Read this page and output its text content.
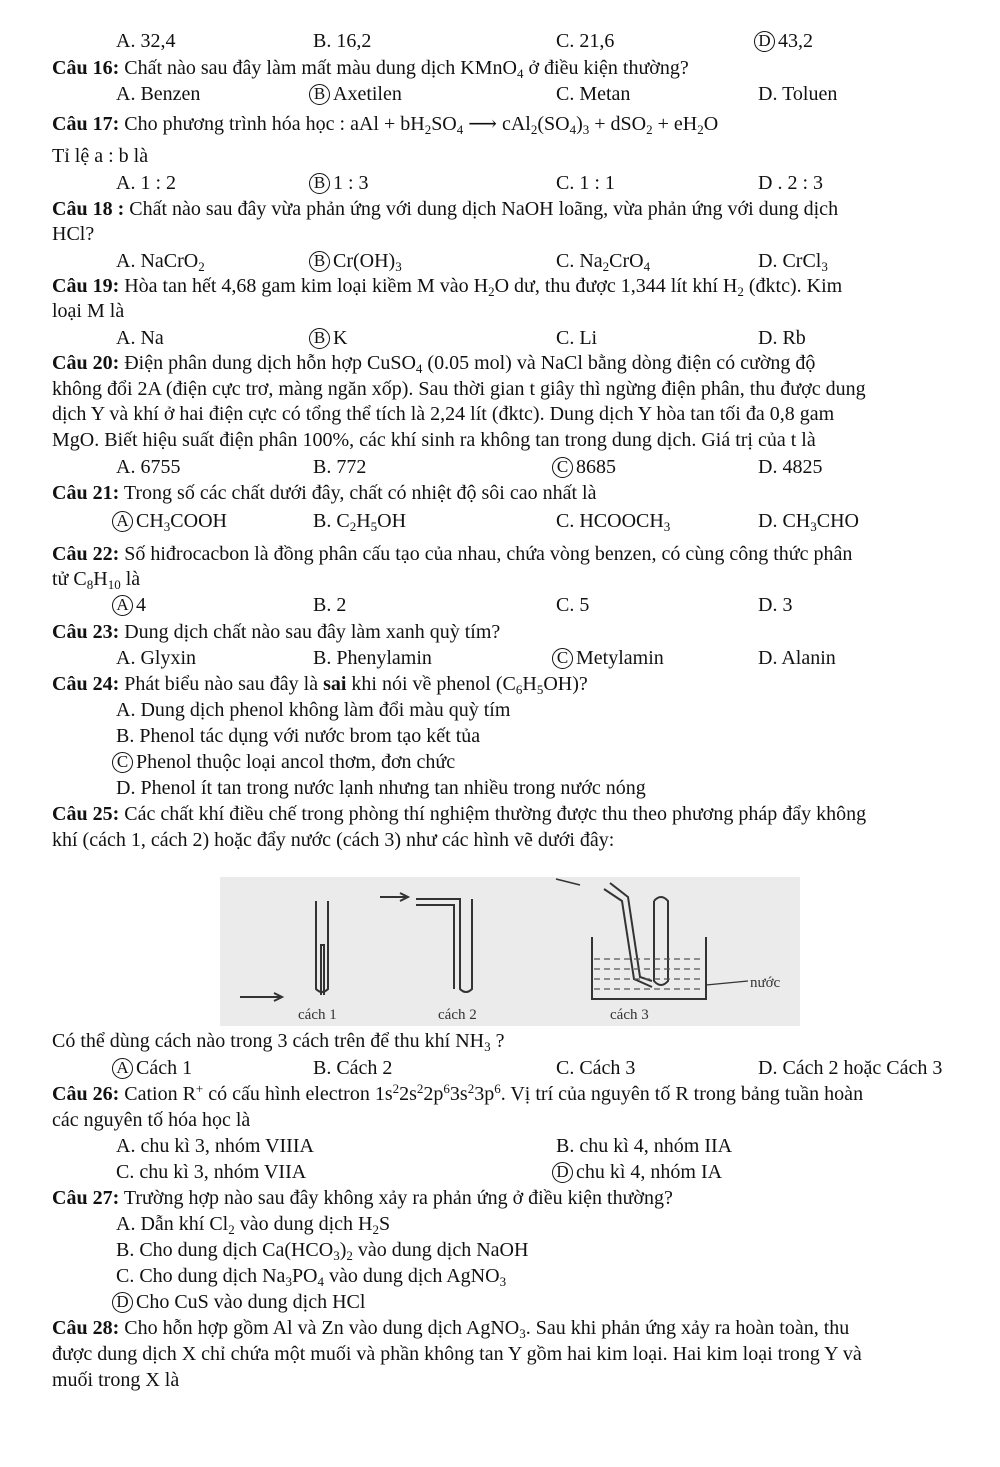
A. 32,4	B. 16,2	C. 21,6	D 43,2
Câu 16: Chất nào sau đây làm mất màu dung dịch KMnO$_4$ ở điều kiện thường?
A. Benzen	B Axetilen	C. Metan	D. Toluen
Câu 17: Cho phương trình hóa học : aAl + $bH_2SO_4$ ⟶ $cAl_2(SO_4)_3 + dSO_2 + eH_2O$
Tỉ lệ a : b là
A. 1 : 2	B 1 : 3	C. 1 : 1	D . 2 : 3
Câu 18 : Chất nào sau đây vừa phản ứng với dung dịch NaOH loãng, vừa phản ứng với dung dịch
HCl?
A. NaCrO$_2$	B $Cr(OH)_3$	C. $Na_2CrO_4$	D. CrCl$_3$
Câu 19: Hòa tan hết 4,68 gam kim loại kiềm M vào $H_2O$ dư, thu được 1,344 lít khí $H_2$ (đktc). Kim
loại M là
A. Na	B K	C. Li	D. Rb
Câu 20: Điện phân dung dịch hỗn hợp CuSO$_4$ (0.05 mol) và NaCl bằng dòng điện có cường độ
không đổi 2A (điện cực trơ, màng ngăn xốp). Sau thời gian t giây thì ngừng điện phân, thu được dung
dịch Y và khí ở hai điện cực có tổng thể tích là 2,24 lít (đktc). Dung dịch Y hòa tan tối đa 0,8 gam
MgO. Biết hiệu suất điện phân 100%, các khí sinh ra không tan trong dung dịch. Giá trị của t là
A. 6755	B. 772	C 8685	D. 4825
Câu 21: Trong số các chất dưới đây, chất có nhiệt độ sôi cao nhất là
A $CH_3COOH$	B. $C_2H_5OH$	C. $HCOOCH_3$	D. $CH_3CHO$
Câu 22: Số hiđrocacbon là đồng phân cấu tạo của nhau, chứa vòng benzen, có cùng công thức phân
tử $C_8H_{10}$ là
A 4	B. 2	C. 5	D. 3
Câu 23: Dung dịch chất nào sau đây làm xanh quỳ tím?
A. Glyxin	B. Phenylamin	C Metylamin	D. Alanin
Câu 24: Phát biểu nào sau đây là sai khi nói về phenol $(C_6H_5OH)$?
A. Dung dịch phenol không làm đổi màu quỳ tím
B. Phenol tác dụng với nước brom tạo kết tủa
C Phenol thuộc loại ancol thơm, đơn chức
D. Phenol ít tan trong nước lạnh nhưng tan nhiều trong nước nóng
Câu 25: Các chất khí điều chế trong phòng thí nghiệm thường được thu theo phương pháp đẩy không
khí (cách 1, cách 2) hoặc đẩy nước (cách 3) như các hình vẽ dưới đây:
cách 1	cách 2
nước
cách 3
Có thể dùng cách nào trong 3 cách trên để thu khí $NH_3$ ?
A Cách 1	B. Cách 2	C. Cách 3	D. Cách 2 hoặc Cách 3
Câu 26: Cation R+ có cấu hình electron $1s^22s^22p^63s^23p^6$. Vị trí của nguyên tố R trong bảng tuần hoàn
các nguyên tố hóa học là
A. chu kì 3, nhóm VIIIA	B. chu kì 4, nhóm IIA
C. chu kì 3, nhóm VIIA	D chu kì 4, nhóm IA
Câu 27: Trường hợp nào sau đây không xảy ra phản ứng ở điều kiện thường?
A. Dẫn khí $Cl_2$ vào dung dịch $H_2S$
B. Cho dung dịch $Ca(HCO_3)_2$ vào dung dịch NaOH
C. Cho dung dịch $Na_3PO_4$ vào dung dịch AgNO$_3$
D Cho CuS vào dung dịch HCl
Câu 28: Cho hỗn hợp gồm Al và Zn vào dung dịch AgNO$_3$. Sau khi phản ứng xảy ra hoàn toàn, thu
được dung dịch X chỉ chứa một muối và phần không tan Y gồm hai kim loại. Hai kim loại trong Y và
muối trong X là
